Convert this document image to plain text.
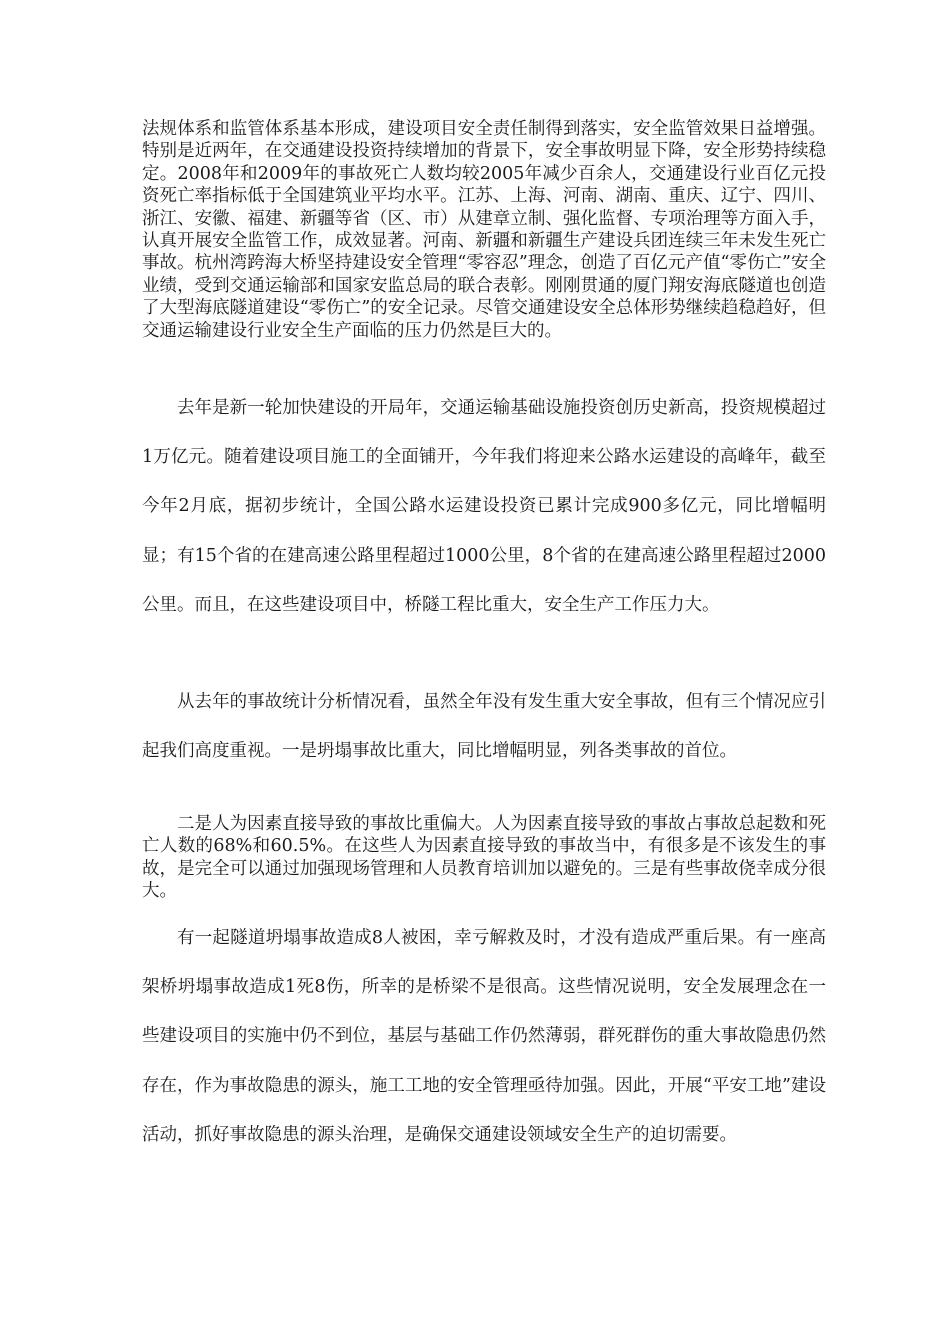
法规体系和监管体系基本形成，建设项目安全责任制得到落实，安全监管效果日益增强。特别是近两年，在交通建设投资持续增加的背景下，安全事故明显下降，安全形势持续稳定。2008年和2009年的事故死亡人数均较2005年减少百余人，交通建设行业百亿元投资死亡率指标低于全国建筑业平均水平。江苏、上海、河南、湖南、重庆、辽宁、四川、浙江、安徽、福建、新疆等省（区、市）从建章立制、强化监督、专项治理等方面入手，认真开展安全监管工作，成效显著。河南、新疆和新疆生产建设兵团连续三年未发生死亡事故。杭州湾跨海大桥坚持建设安全管理“零容忍”理念，创造了百亿元产值“零伤亡”安全业绩，受到交通运输部和国家安监总局的联合表彰。刚刚贯通的厦门翔安海底隧道也创造了大型海底隧道建设“零伤亡”的安全记录。尽管交通建设安全总体形势继续趋稳趋好，但交通运输建设行业安全生产面临的压力仍然是巨大的。

去年是新一轮加快建设的开局年，交通运输基础设施投资创历史新高，投资规模超过1万亿元。随着建设项目施工的全面铺开，今年我们将迎来公路水运建设的高峰年，截至今年2月底，据初步统计，全国公路水运建设投资已累计完成900多亿元，同比增幅明显；有15个省的在建高速公路里程超过1000公里，8个省的在建高速公路里程超过2000公里。而且，在这些建设项目中，桥隧工程比重大，安全生产工作压力大。

从去年的事故统计分析情况看，虽然全年没有发生重大安全事故，但有三个情况应引起我们高度重视。一是坍塌事故比重大，同比增幅明显，列各类事故的首位。

二是人为因素直接导致的事故比重偏大。人为因素直接导致的事故占事故总起数和死亡人数的68%和60.5%。在这些人为因素直接导致的事故当中，有很多是不该发生的事故，是完全可以通过加强现场管理和人员教育培训加以避免的。三是有些事故侥幸成分很大。

有一起隧道坍塌事故造成8人被困，幸亏解救及时，才没有造成严重后果。有一座高架桥坍塌事故造成1死8伤，所幸的是桥梁不是很高。这些情况说明，安全发展理念在一些建设项目的实施中仍不到位，基层与基础工作仍然薄弱，群死群伤的重大事故隐患仍然存在，作为事故隐患的源头，施工工地的安全管理亟待加强。因此，开展“平安工地”建设活动，抓好事故隐患的源头治理，是确保交通建设领域安全生产的迫切需要。
